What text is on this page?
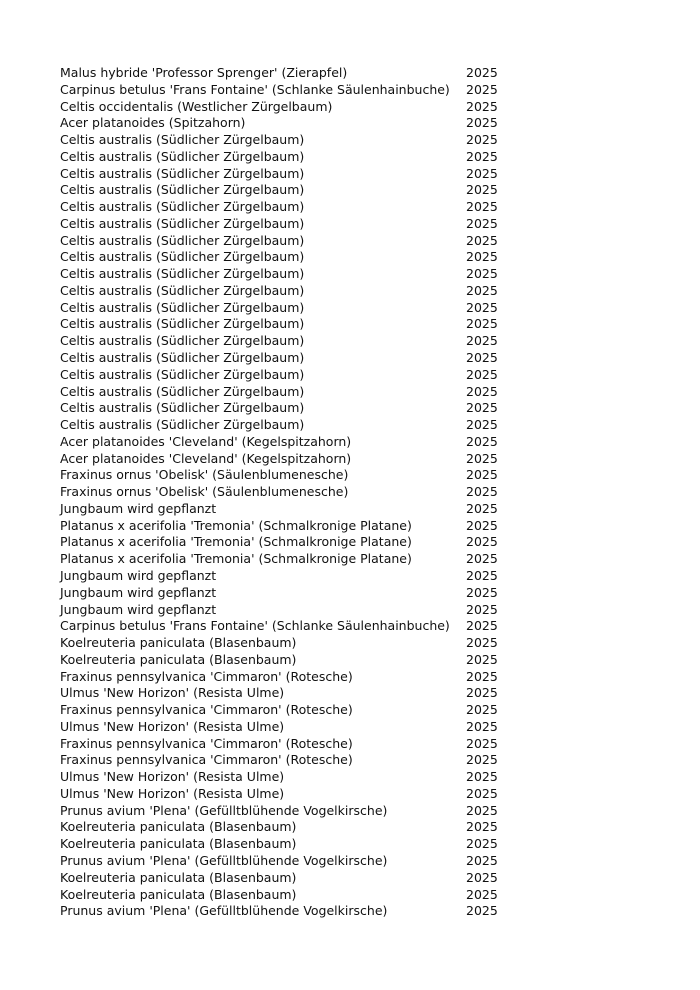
Malus hybride 'Professor Sprenger' (Zierapfel)	2025
Carpinus betulus 'Frans Fontaine' (Schlanke Säulenhainbuche) 2025
Celtis occidentalis (Westlicher Zürgelbaum)	2025
Acer platanoides (Spitzahorn)	2025
Celtis australis (Südlicher Zürgelbaum)	2025
Celtis australis (Südlicher Zürgelbaum)	2025
Celtis australis (Südlicher Zürgelbaum)	2025
Celtis australis (Südlicher Zürgelbaum)	2025
Celtis australis (Südlicher Zürgelbaum)	2025
Celtis australis (Südlicher Zürgelbaum)	2025
Celtis australis (Südlicher Zürgelbaum)	2025
Celtis australis (Südlicher Zürgelbaum)	2025
Celtis australis (Südlicher Zürgelbaum)	2025
Celtis australis (Südlicher Zürgelbaum)	2025
Celtis australis (Südlicher Zürgelbaum)	2025
Celtis australis (Südlicher Zürgelbaum)	2025
Celtis australis (Südlicher Zürgelbaum)	2025
Celtis australis (Südlicher Zürgelbaum)	2025
Celtis australis (Südlicher Zürgelbaum)	2025
Celtis australis (Südlicher Zürgelbaum)	2025
Celtis australis (Südlicher Zürgelbaum)	2025
Celtis australis (Südlicher Zürgelbaum)	2025
Acer platanoides 'Cleveland' (Kegelspitzahorn)	2025
Acer platanoides 'Cleveland' (Kegelspitzahorn)	2025
Fraxinus ornus 'Obelisk' (Säulenblumenesche)	2025
Fraxinus ornus 'Obelisk' (Säulenblumenesche)	2025
Jungbaum wird gepflanzt	2025
Platanus x acerifolia 'Tremonia' (Schmalkronige Platane)	2025
Platanus x acerifolia 'Tremonia' (Schmalkronige Platane)	2025
Platanus x acerifolia 'Tremonia' (Schmalkronige Platane)	2025
Jungbaum wird gepflanzt	2025
Jungbaum wird gepflanzt	2025
Jungbaum wird gepflanzt	2025
Carpinus betulus 'Frans Fontaine' (Schlanke Säulenhainbuche) 2025
Koelreuteria paniculata (Blasenbaum)	2025
Koelreuteria paniculata (Blasenbaum)	2025
Fraxinus pennsylvanica 'Cimmaron' (Rotesche)	2025
Ulmus 'New Horizon' (Resista Ulme)	2025
Fraxinus pennsylvanica 'Cimmaron' (Rotesche)	2025
Ulmus 'New Horizon' (Resista Ulme)	2025
Fraxinus pennsylvanica 'Cimmaron' (Rotesche)	2025
Fraxinus pennsylvanica 'Cimmaron' (Rotesche)	2025
Ulmus 'New Horizon' (Resista Ulme)	2025
Ulmus 'New Horizon' (Resista Ulme)	2025
Prunus avium 'Plena' (Gefülltblühende Vogelkirsche)	2025
Koelreuteria paniculata (Blasenbaum)	2025
Koelreuteria paniculata (Blasenbaum)	2025
Prunus avium 'Plena' (Gefülltblühende Vogelkirsche)	2025
Koelreuteria paniculata (Blasenbaum)	2025
Koelreuteria paniculata (Blasenbaum)	2025
Prunus avium 'Plena' (Gefülltblühende Vogelkirsche)	2025
